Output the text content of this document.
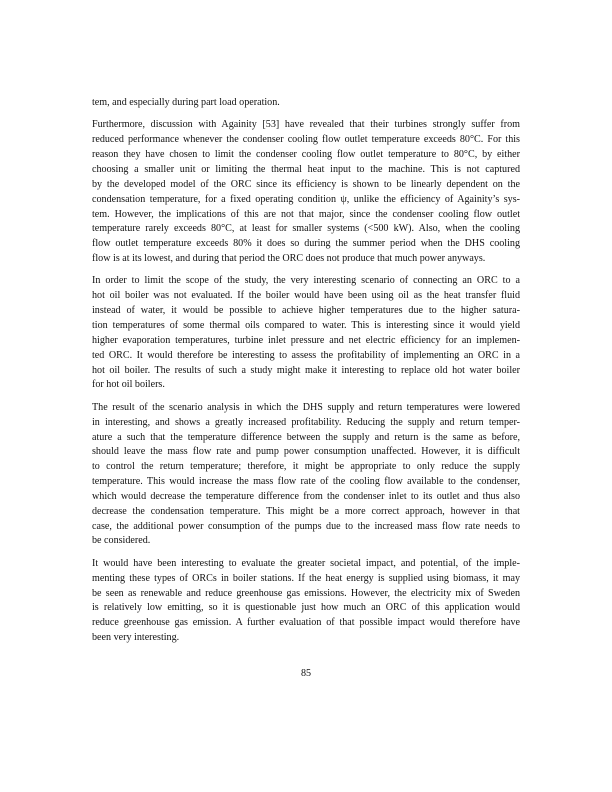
tem, and especially during part load operation.
Furthermore, discussion with Againity [53] have revealed that their turbines strongly suffer from
reduced performance whenever the condenser cooling flow outlet temperature exceeds 80°C. For this
reason they have chosen to limit the condenser cooling flow outlet temperature to 80°C, by either
choosing a smaller unit or limiting the thermal heat input to the machine. This is not captured
by the developed model of the ORC since its efficiency is shown to be linearly dependent on the
condensation temperature, for a fixed operating condition ψ, unlike the efficiency of Againity’s sys-
tem. However, the implications of this are not that major, since the condenser cooling flow outlet
temperature rarely exceeds 80°C, at least for smaller systems (<500 kW). Also, when the cooling
flow outlet temperature exceeds 80% it does so during the summer period when the DHS cooling
flow is at its lowest, and during that period the ORC does not produce that much power anyways.
In order to limit the scope of the study, the very interesting scenario of connecting an ORC to a
hot oil boiler was not evaluated. If the boiler would have been using oil as the heat transfer fluid
instead of water, it would be possible to achieve higher temperatures due to the higher satura-
tion temperatures of some thermal oils compared to water. This is interesting since it would yield
higher evaporation temperatures, turbine inlet pressure and net electric efficiency for an implemen-
ted ORC. It would therefore be interesting to assess the profitability of implementing an ORC in a
hot oil boiler. The results of such a study might make it interesting to replace old hot water boiler
for hot oil boilers.
The result of the scenario analysis in which the DHS supply and return temperatures were lowered
in interesting, and shows a greatly increased profitability. Reducing the supply and return temper-
ature a such that the temperature difference between the supply and return is the same as before,
should leave the mass flow rate and pump power consumption unaffected. However, it is difficult
to control the return temperature; therefore, it might be appropriate to only reduce the supply
temperature. This would increase the mass flow rate of the cooling flow available to the condenser,
which would decrease the temperature difference from the condenser inlet to its outlet and thus also
decrease the condensation temperature. This might be a more correct approach, however in that
case, the additional power consumption of the pumps due to the increased mass flow rate needs to
be considered.
It would have been interesting to evaluate the greater societal impact, and potential, of the imple-
menting these types of ORCs in boiler stations. If the heat energy is supplied using biomass, it may
be seen as renewable and reduce greenhouse gas emissions. However, the electricity mix of Sweden
is relatively low emitting, so it is questionable just how much an ORC of this application would
reduce greenhouse gas emission. A further evaluation of that possible impact would therefore have
been very interesting.
85
